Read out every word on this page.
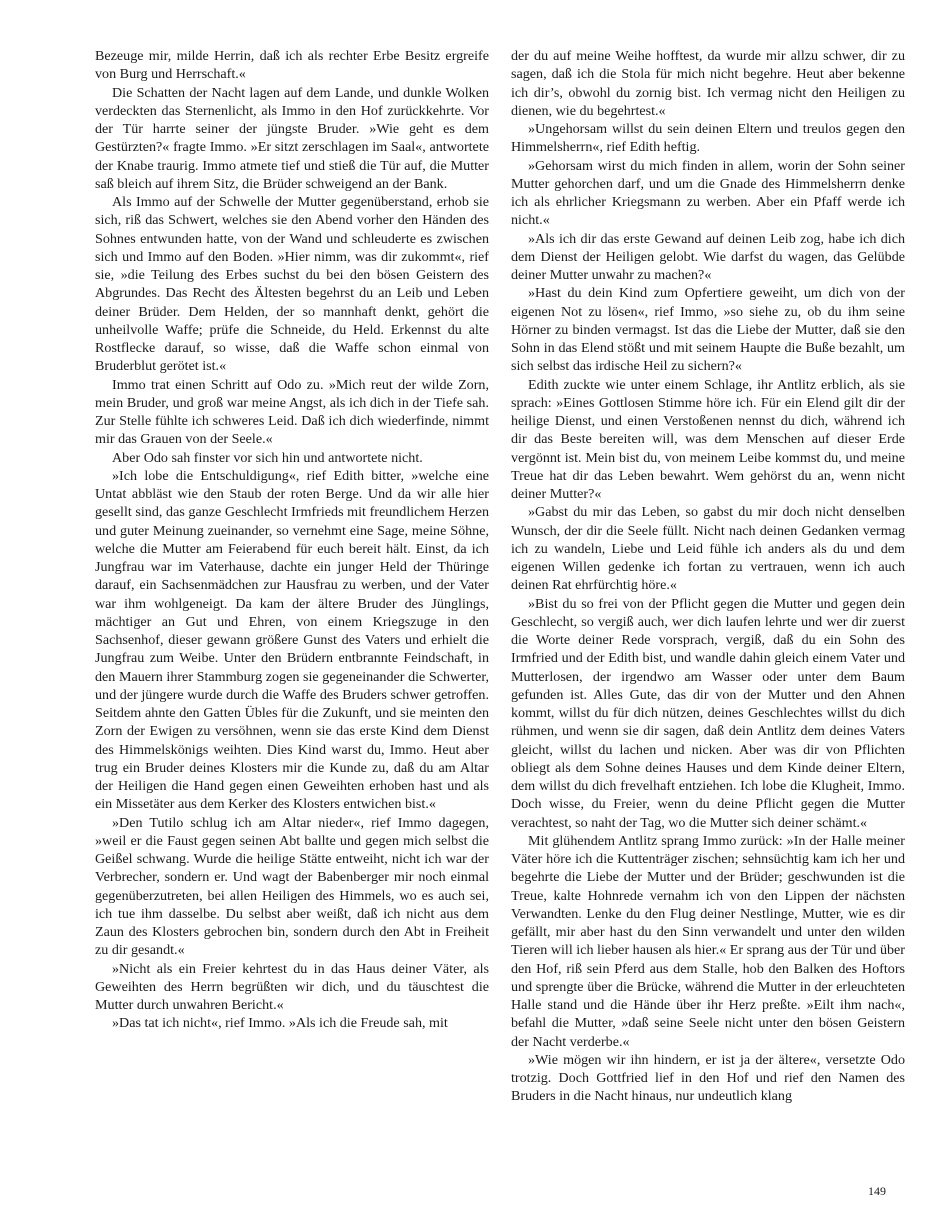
Bezeuge mir, milde Herrin, daß ich als rechter Erbe Besitz ergreife von Burg und Herrschaft.«

Die Schatten der Nacht lagen auf dem Lande, und dunkle Wolken verdeckten das Sternenlicht, als Immo in den Hof zurückkehrte. Vor der Tür harrte seiner der jüngste Bruder. »Wie geht es dem Gestürzten?« fragte Immo. »Er sitzt zerschlagen im Saal«, antwortete der Knabe traurig. Immo atmete tief und stieß die Tür auf, die Mutter saß bleich auf ihrem Sitz, die Brüder schweigend an der Bank.

Als Immo auf der Schwelle der Mutter gegenüberstand, erhob sie sich, riß das Schwert, welches sie den Abend vorher den Händen des Sohnes entwunden hatte, von der Wand und schleuderte es zwischen sich und Immo auf den Boden. »Hier nimm, was dir zukommt«, rief sie, »die Teilung des Erbes suchst du bei den bösen Geistern des Abgrundes. Das Recht des Ältesten begehrst du an Leib und Leben deiner Brüder. Dem Helden, der so mannhaft denkt, gehört die unheilvolle Waffe; prüfe die Schneide, du Held. Erkennst du alte Rostflecke darauf, so wisse, daß die Waffe schon einmal von Bruderblut gerötet ist.«

Immo trat einen Schritt auf Odo zu. »Mich reut der wilde Zorn, mein Bruder, und groß war meine Angst, als ich dich in der Tiefe sah. Zur Stelle fühlte ich schweres Leid. Daß ich dich wiederfinde, nimmt mir das Grauen von der Seele.«

Aber Odo sah finster vor sich hin und antwortete nicht.

»Ich lobe die Entschuldigung«, rief Edith bitter, »welche eine Untat abbläst wie den Staub der roten Berge. Und da wir alle hier gesellt sind, das ganze Geschlecht Irmfrieds mit freundlichem Herzen und guter Meinung zueinander, so vernehmt eine Sage, meine Söhne, welche die Mutter am Feierabend für euch bereit hält. Einst, da ich Jungfrau war im Vaterhause, dachte ein junger Held der Thüringe darauf, ein Sachsenmädchen zur Hausfrau zu werben, und der Vater war ihm wohlgeneigt. Da kam der ältere Bruder des Jünglings, mächtiger an Gut und Ehren, von einem Kriegszuge in den Sachsenhof, dieser gewann größere Gunst des Vaters und erhielt die Jungfrau zum Weibe. Unter den Brüdern entbrannte Feindschaft, in den Mauern ihrer Stammburg zogen sie gegeneinander die Schwerter, und der jüngere wurde durch die Waffe des Bruders schwer getroffen. Seitdem ahnte den Gatten Übles für die Zukunft, und sie meinten den Zorn der Ewigen zu versöhnen, wenn sie das erste Kind dem Dienst des Himmelskönigs weihten. Dies Kind warst du, Immo. Heut aber trug ein Bruder deines Klosters mir die Kunde zu, daß du am Altar der Heiligen die Hand gegen einen Geweihten erhoben hast und als ein Missetäter aus dem Kerker des Klosters entwichen bist.«

»Den Tutilo schlug ich am Altar nieder«, rief Immo dagegen, »weil er die Faust gegen seinen Abt ballte und gegen mich selbst die Geißel schwang. Wurde die heilige Stätte entweiht, nicht ich war der Verbrecher, sondern er. Und wagt der Babenberger mir noch einmal gegenüberzutreten, bei allen Heiligen des Himmels, wo es auch sei, ich tue ihm dasselbe. Du selbst aber weißt, daß ich nicht aus dem Zaun des Klosters gebrochen bin, sondern durch den Abt in Freiheit zu dir gesandt.«

»Nicht als ein Freier kehrtest du in das Haus deiner Väter, als Geweihten des Herrn begrüßten wir dich, und du täuschtest die Mutter durch unwahren Bericht.«

»Das tat ich nicht«, rief Immo. »Als ich die Freude sah, mit

der du auf meine Weihe hofftest, da wurde mir allzu schwer, dir zu sagen, daß ich die Stola für mich nicht begehre. Heut aber bekenne ich dir’s, obwohl du zornig bist. Ich vermag nicht den Heiligen zu dienen, wie du begehrtest.«

»Ungehorsam willst du sein deinen Eltern und treulos gegen den Himmelsherrn«, rief Edith heftig.

»Gehorsam wirst du mich finden in allem, worin der Sohn seiner Mutter gehorchen darf, und um die Gnade des Himmelsherrn denke ich als ehrlicher Kriegsmann zu werben. Aber ein Pfaff werde ich nicht.«

»Als ich dir das erste Gewand auf deinen Leib zog, habe ich dich dem Dienst der Heiligen gelobt. Wie darfst du wagen, das Gelübde deiner Mutter unwahr zu machen?«

»Hast du dein Kind zum Opfertiere geweiht, um dich von der eigenen Not zu lösen«, rief Immo, »so siehe zu, ob du ihm seine Hörner zu binden vermagst. Ist das die Liebe der Mutter, daß sie den Sohn in das Elend stößt und mit seinem Haupte die Buße bezahlt, um sich selbst das irdische Heil zu sichern?«

Edith zuckte wie unter einem Schlage, ihr Antlitz erblich, als sie sprach: »Eines Gottlosen Stimme höre ich. Für ein Elend gilt dir der heilige Dienst, und einen Verstoßenen nennst du dich, während ich dir das Beste bereiten will, was dem Menschen auf dieser Erde vergönnt ist. Mein bist du, von meinem Leibe kommst du, und meine Treue hat dir das Leben bewahrt. Wem gehörst du an, wenn nicht deiner Mutter?«

»Gabst du mir das Leben, so gabst du mir doch nicht denselben Wunsch, der dir die Seele füllt. Nicht nach deinen Gedanken vermag ich zu wandeln, Liebe und Leid fühle ich anders als du und dem eigenen Willen gedenke ich fortan zu vertrauen, wenn ich auch deinen Rat ehrfürchtig höre.«

»Bist du so frei von der Pflicht gegen die Mutter und gegen dein Geschlecht, so vergiß auch, wer dich laufen lehrte und wer dir zuerst die Worte deiner Rede vorsprach, vergiß, daß du ein Sohn des Irmfried und der Edith bist, und wandle dahin gleich einem Vater und Mutterlosen, der irgendwo am Wasser oder unter dem Baum gefunden ist. Alles Gute, das dir von der Mutter und den Ahnen kommt, willst du für dich nützen, deines Geschlechtes willst du dich rühmen, und wenn sie dir sagen, daß dein Antlitz dem deines Vaters gleicht, willst du lachen und nicken. Aber was dir von Pflichten obliegt als dem Sohne deines Hauses und dem Kinde deiner Eltern, dem willst du dich frevelhaft entziehen. Ich lobe die Klugheit, Immo. Doch wisse, du Freier, wenn du deine Pflicht gegen die Mutter verachtest, so naht der Tag, wo die Mutter sich deiner schämt.«

Mit glühendem Antlitz sprang Immo zurück: »In der Halle meiner Väter höre ich die Kuttenträger zischen; sehnsüchtig kam ich her und begehrte die Liebe der Mutter und der Brüder; geschwunden ist die Treue, kalte Hohnrede vernahm ich von den Lippen der nächsten Verwandten. Lenke du den Flug deiner Nestlinge, Mutter, wie es dir gefällt, mir aber hast du den Sinn verwandelt und unter den wilden Tieren will ich lieber hausen als hier.« Er sprang aus der Tür und über den Hof, riß sein Pferd aus dem Stalle, hob den Balken des Hoftors und sprengte über die Brücke, während die Mutter in der erleuchteten Halle stand und die Hände über ihr Herz preßte. »Eilt ihm nach«, befahl die Mutter, »daß seine Seele nicht unter den bösen Geistern der Nacht verderbe.«

»Wie mögen wir ihn hindern, er ist ja der ältere«, versetzte Odo trotzig. Doch Gottfried lief in den Hof und rief den Namen des Bruders in die Nacht hinaus, nur undeutlich klang

149
